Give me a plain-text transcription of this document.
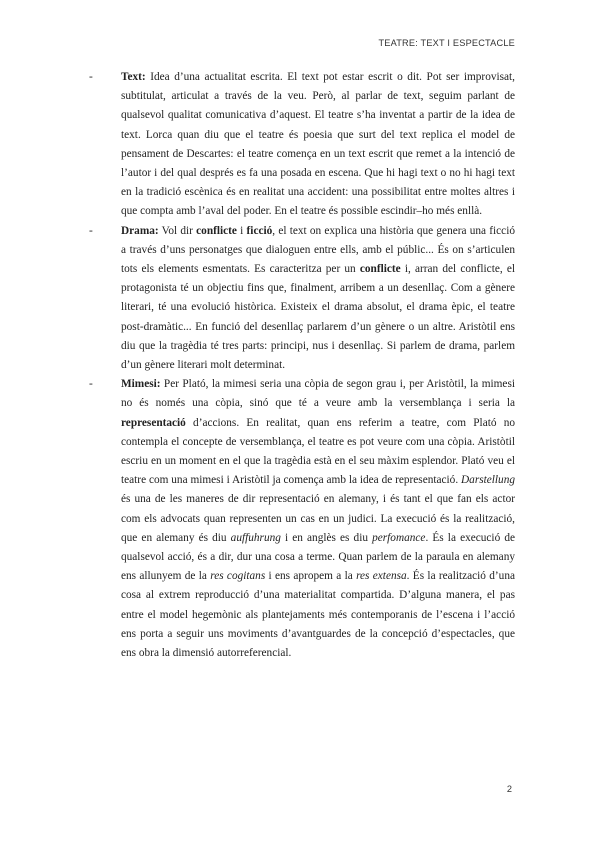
TEATRE: TEXT I ESPECTACLE
- Text: Idea d’una actualitat escrita. El text pot estar escrit o dit. Pot ser improvisat, subtitulat, articulat a través de la veu. Però, al parlar de text, seguim parlant de qualsevol qualitat comunicativa d’aquest. El teatre s’ha inventat a partir de la idea de text. Lorca quan diu que el teatre és poesia que surt del text replica el model de pensament de Descartes: el teatre comença en un text escrit que remet a la intenció de l’autor i del qual després es fa una posada en escena. Que hi hagi text o no hi hagi text en la tradició escènica és en realitat una accident: una possibilitat entre moltes altres i que compta amb l’aval del poder. En el teatre és possible escindir–ho més enllà.

- Drama: Vol dir conflicte i ficció, el text on explica una història que genera una ficció a través d’uns personatges que dialoguen entre ells, amb el públic... És on s’articulen tots els elements esmentats. Es caracteritza per un conflicte i, arran del conflicte, el protagonista té un objectiu fins que, finalment, arribem a un desenllaç. Com a gènere literari, té una evolució històrica. Existeix el drama absolut, el drama èpic, el teatre post-dramàtic... En funció del desenllaç parlarem d’un gènere o un altre. Aristòtil ens diu que la tragèdia té tres parts: principi, nus i desenllaç. Si parlem de drama, parlem d’un gènere literari molt determinat.

- Mimesi: Per Plató, la mimesi seria una còpia de segon grau i, per Aristòtil, la mimesi no és només una còpia, sinó que té a veure amb la versemblança i seria la representació d’accions. En realitat, quan ens referim a teatre, com Plató no contempla el concepte de versemblança, el teatre es pot veure com una còpia. Aristòtil escriu en un moment en el que la tragèdia està en el seu màxim esplendor. Plató veu el teatre com una mimesi i Aristòtil ja comença amb la idea de representació. Darstellung és una de les maneres de dir representació en alemany, i és tant el que fan els actor com els advocats quan representen un cas en un judici. La execució és la realització, que en alemany és diu auffuhrung i en anglès es diu perfomance. És la execució de qualsevol acció, és a dir, dur una cosa a terme. Quan parlem de la paraula en alemany ens allunyem de la res cogitans i ens apropem a la res extensa. És la realització d’una cosa al extrem reproducció d’una materialitat compartida. D’alguna manera, el pas entre el model hegemònic als plantejaments més contemporanis de l’escena i l’acció ens porta a seguir uns moviments d’avantguardes de la concepció d’espectacles, que ens obra la dimensió autorreferencial.

2
